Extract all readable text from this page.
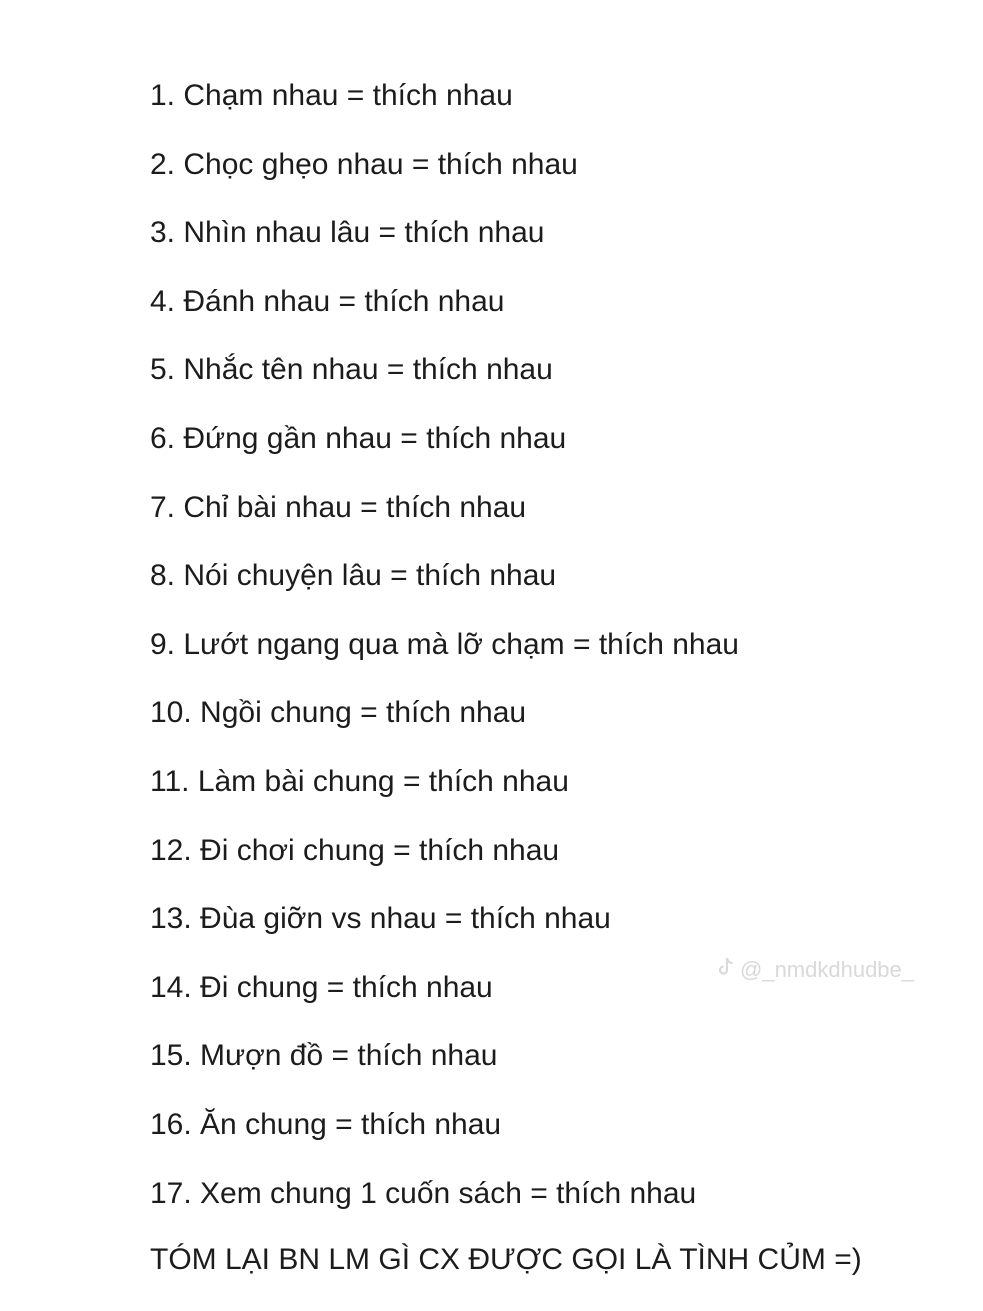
1. Chạm nhau = thích nhau
2. Chọc ghẹo nhau = thích nhau
3. Nhìn nhau lâu = thích nhau
4. Đánh nhau = thích nhau
5. Nhắc tên nhau = thích nhau
6. Đứng gần nhau = thích nhau
7. Chỉ bài nhau = thích nhau
8. Nói chuyện lâu = thích nhau
9. Lướt ngang qua mà lỡ chạm = thích nhau
10. Ngồi chung = thích nhau
11. Làm bài chung = thích nhau
12. Đi chơi chung = thích nhau
13. Đùa giỡn vs nhau = thích nhau
14. Đi chung = thích nhau
15. Mượn đồ = thích nhau
16. Ăn chung = thích nhau
17. Xem chung 1 cuốn sách = thích nhau
TÓM LẠI BN LM GÌ CX ĐƯỢC GỌI LÀ TÌNH CỦM =)
@_nmdkdhudbe_
